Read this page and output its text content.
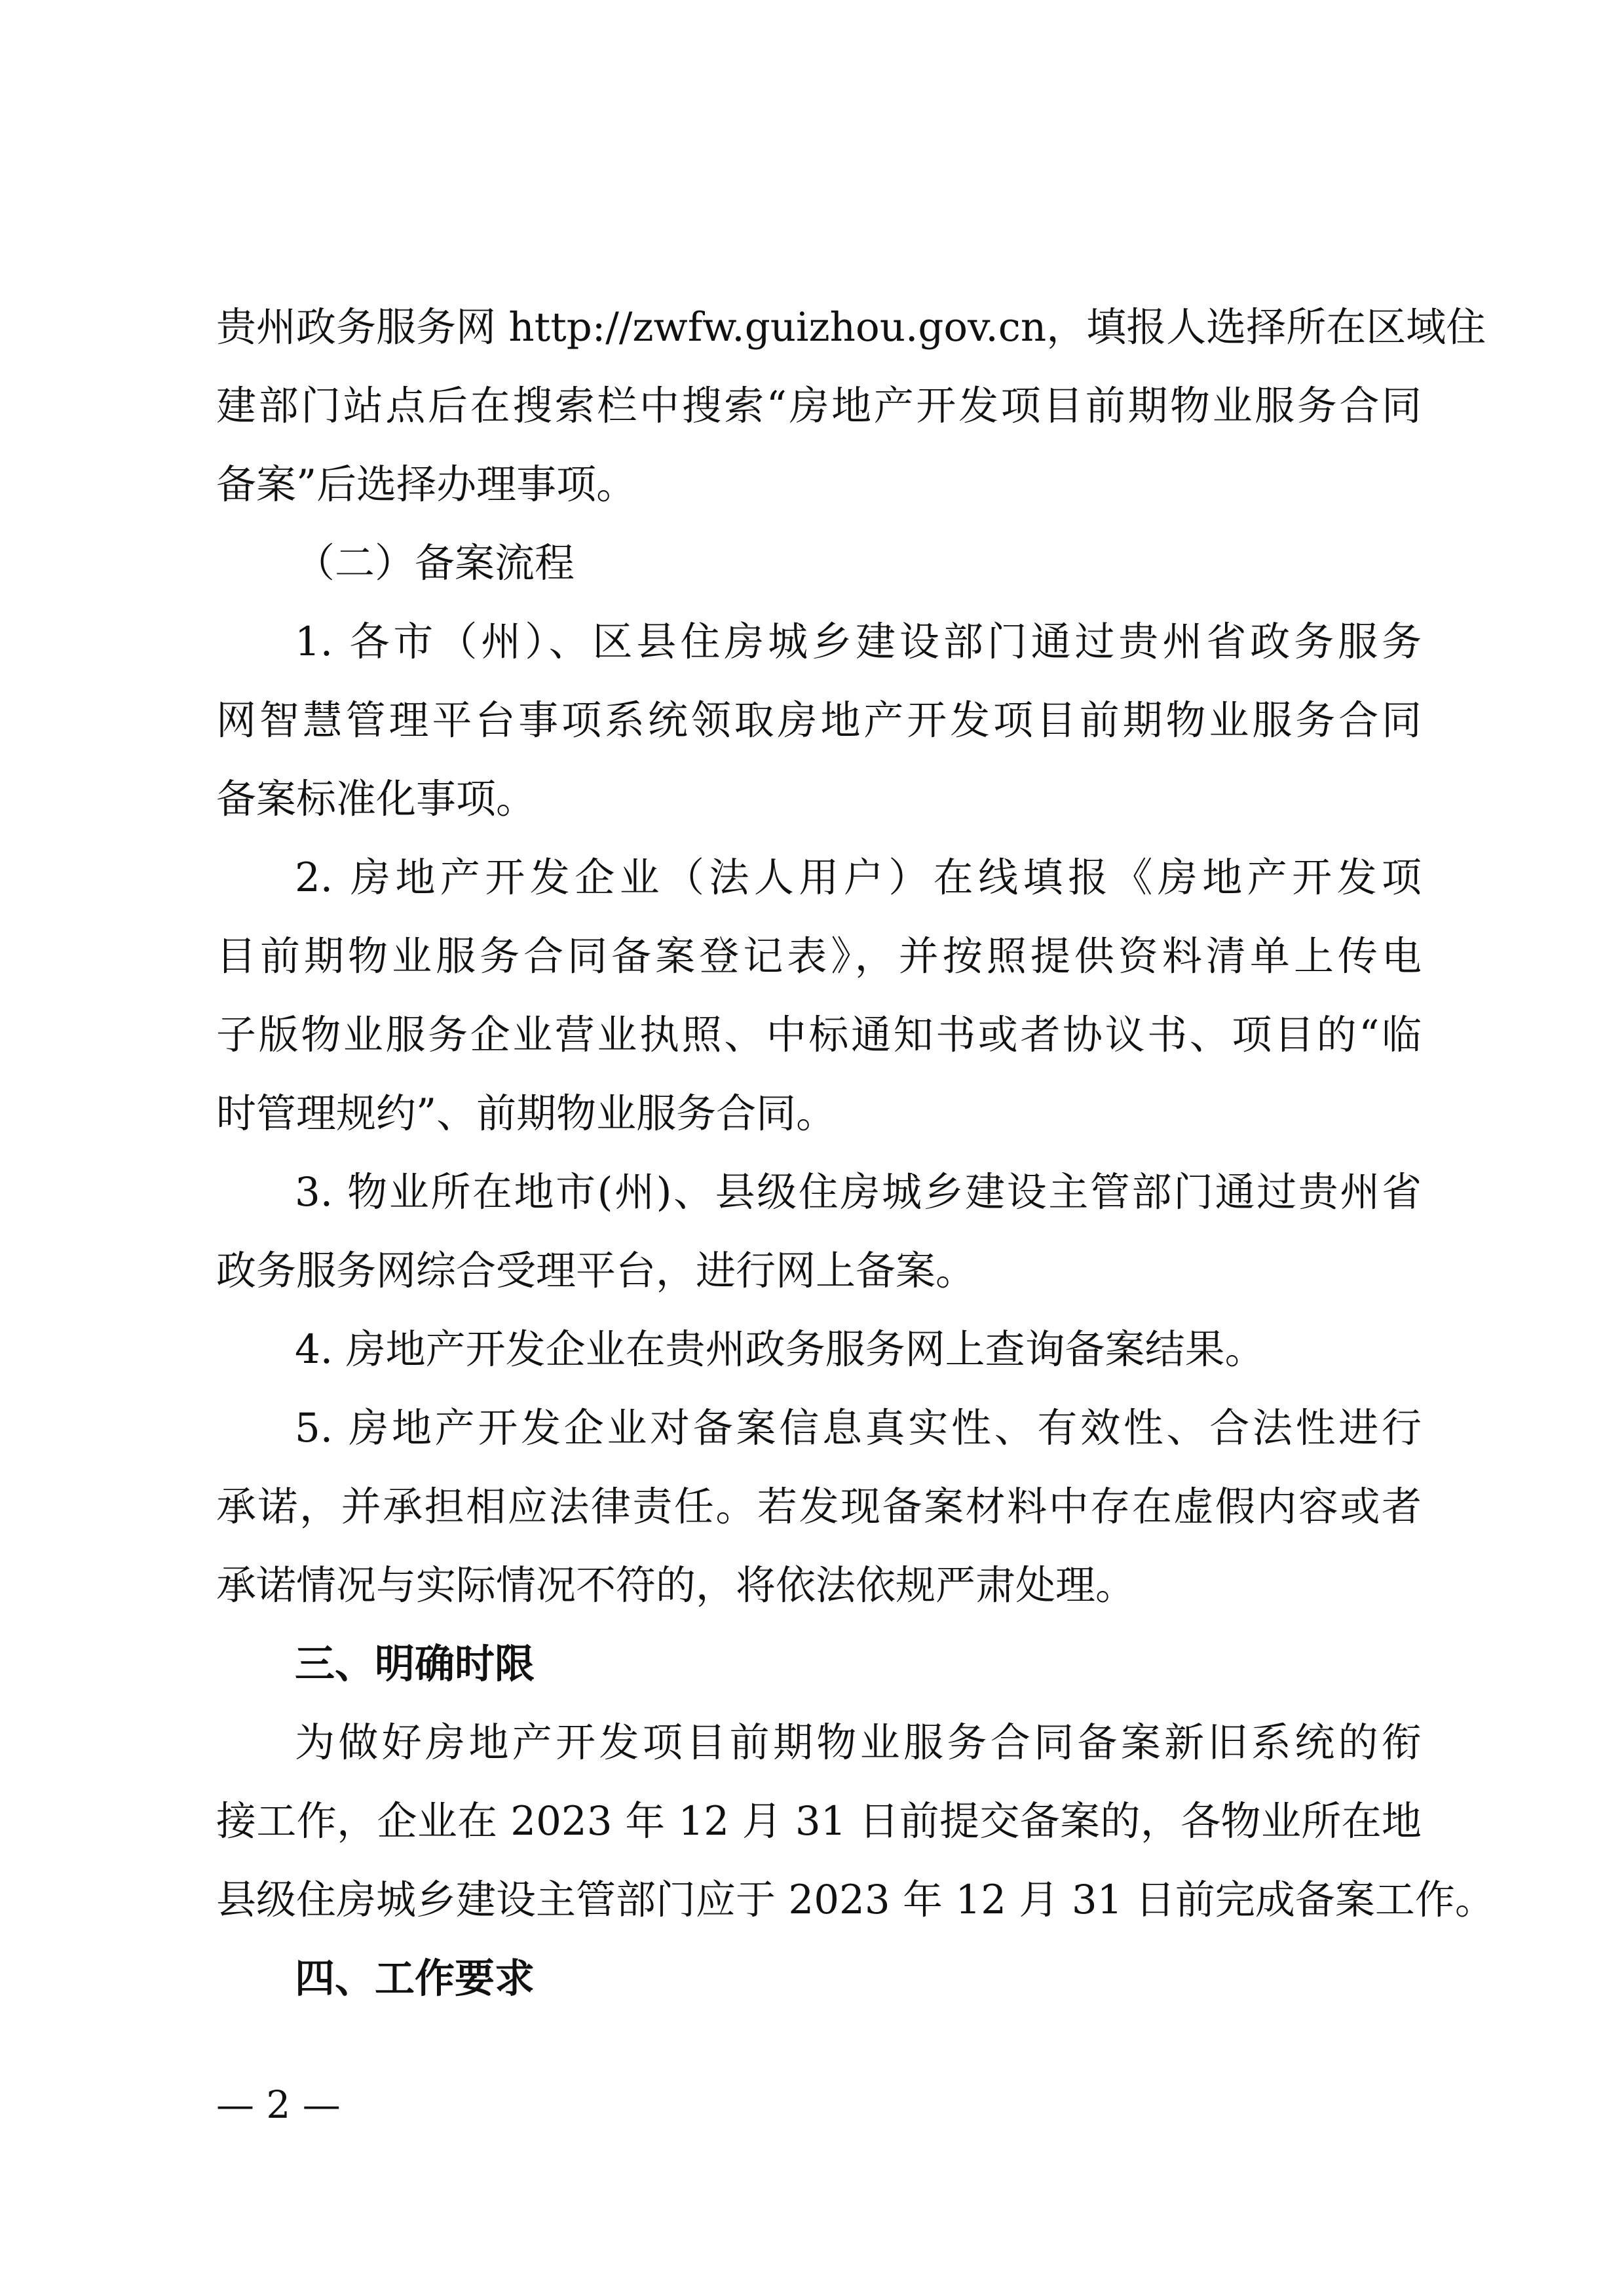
贵州政务服务网 http://zwfw.guizhou.gov.cn，填报人选择所在区域住
建部门站点后在搜索栏中搜索“房地产开发项目前期物业服务合同
备案”后选择办理事项。
（二）备案流程
1. 各市（州）、区县住房城乡建设部门通过贵州省政务服务
网智慧管理平台事项系统领取房地产开发项目前期物业服务合同
备案标准化事项。
2. 房地产开发企业（法人用户）在线填报《房地产开发项
目前期物业服务合同备案登记表》，并按照提供资料清单上传电
子版物业服务企业营业执照、中标通知书或者协议书、项目的“临
时管理规约”、前期物业服务合同。
3. 物业所在地市(州)、县级住房城乡建设主管部门通过贵州省
政务服务网综合受理平台，进行网上备案。
4. 房地产开发企业在贵州政务服务网上查询备案结果。
5. 房地产开发企业对备案信息真实性、有效性、合法性进行
承诺，并承担相应法律责任。若发现备案材料中存在虚假内容或者
承诺情况与实际情况不符的，将依法依规严肃处理。
三、明确时限
为做好房地产开发项目前期物业服务合同备案新旧系统的衔
接工作，企业在 2023 年 12 月 31 日前提交备案的，各物业所在地
县级住房城乡建设主管部门应于 2023 年 12 月 31 日前完成备案工作。
四、工作要求
— 2 —
